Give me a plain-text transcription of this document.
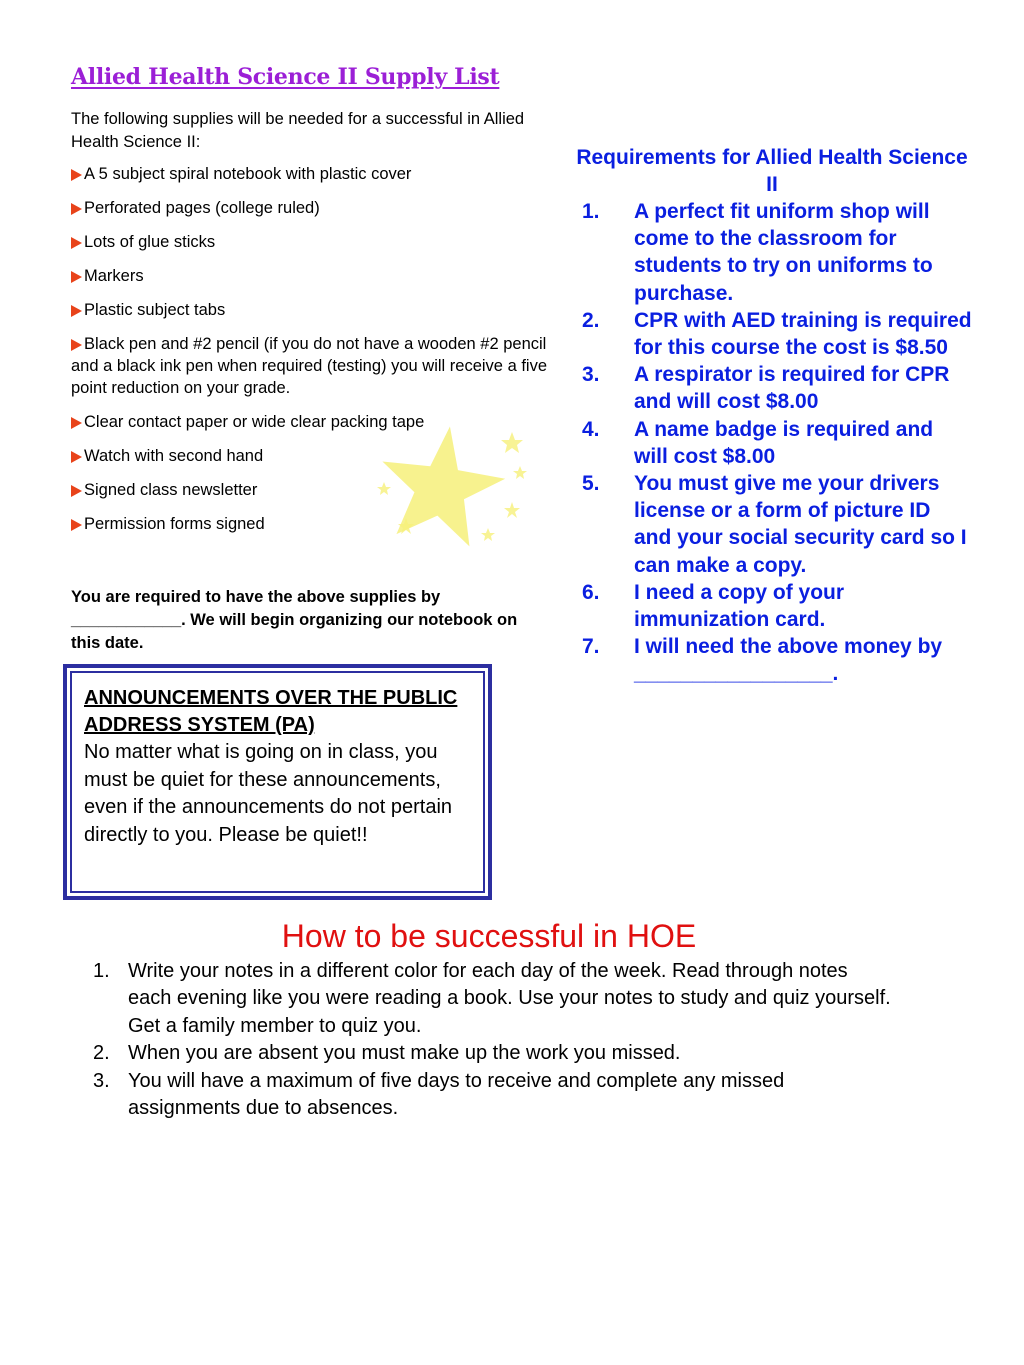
Allied Health Science II Supply List
The following supplies will be needed for a successful in Allied Health Science II:
A 5 subject spiral notebook with plastic cover
Perforated pages (college ruled)
Lots of glue sticks
Markers
Plastic subject tabs
Black pen and #2 pencil (if you do not have a wooden #2 pencil and a black ink pen when required (testing) you will receive a five point reduction on your grade.
Clear contact paper or wide clear packing tape
Watch with second hand
Signed class newsletter
Permission forms signed
You are required to have the above supplies by ____________. We will begin organizing our notebook on this date.
ANNOUNCEMENTS OVER THE PUBLIC ADDRESS SYSTEM (PA)
No matter what is going on in class, you must be quiet for these announcements, even if the announcements do not pertain directly to you. Please be quiet!!
Requirements for Allied Health Science II
1.	A perfect fit uniform shop will come to the classroom for students to try on uniforms to purchase.
2.	CPR with AED training is required for this course the cost is $8.50
3.	A respirator is required for CPR and will cost $8.00
4.	A name badge is required and will cost $8.00
5.	You must give me your drivers license or a form of picture ID and your social security card so I can make a copy.
6.	I need a copy of your immunization card.
7.	I will need the above money by _________________.
How to be successful in HOE
1. Write your notes in a different color for each day of the week. Read through notes each evening like you were reading a book. Use your notes to study and quiz yourself. Get a family member to quiz you.
2. When you are absent you must make up the work you missed.
3. You will have a maximum of five days to receive and complete any missed assignments due to absences.
